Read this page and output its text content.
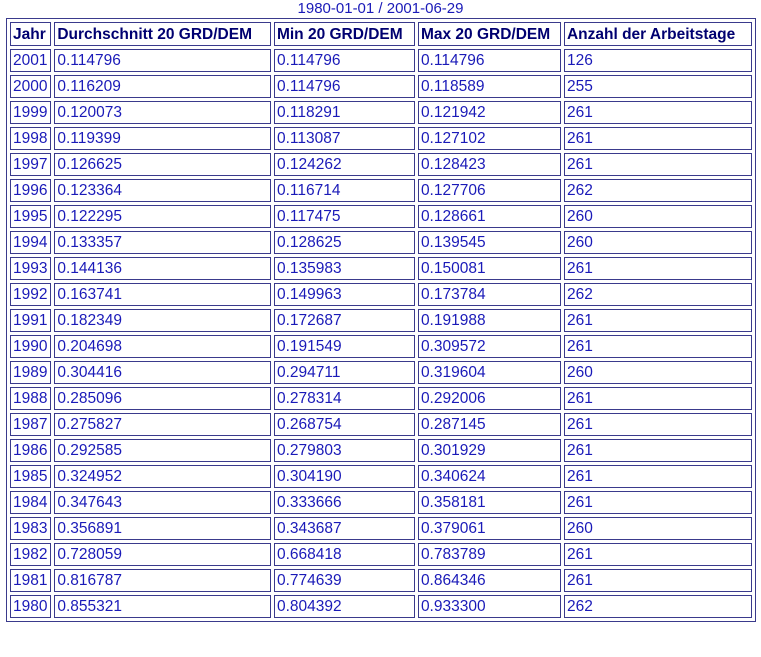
1980-01-01 / 2001-06-29
Jahr	Durchschnitt 20 GRD/DEM	Min 20 GRD/DEM	Max 20 GRD/DEM	Anzahl der Arbeitstage
2001	0.114796	0.114796	0.114796	126
2000	0.116209	0.114796	0.118589	255
1999	0.120073	0.118291	0.121942	261
1998	0.119399	0.113087	0.127102	261
1997	0.126625	0.124262	0.128423	261
1996	0.123364	0.116714	0.127706	262
1995	0.122295	0.117475	0.128661	260
1994	0.133357	0.128625	0.139545	260
1993	0.144136	0.135983	0.150081	261
1992	0.163741	0.149963	0.173784	262
1991	0.182349	0.172687	0.191988	261
1990	0.204698	0.191549	0.309572	261
1989	0.304416	0.294711	0.319604	260
1988	0.285096	0.278314	0.292006	261
1987	0.275827	0.268754	0.287145	261
1986	0.292585	0.279803	0.301929	261
1985	0.324952	0.304190	0.340624	261
1984	0.347643	0.333666	0.358181	261
1983	0.356891	0.343687	0.379061	260
1982	0.728059	0.668418	0.783789	261
1981	0.816787	0.774639	0.864346	261
1980	0.855321	0.804392	0.933300	262
